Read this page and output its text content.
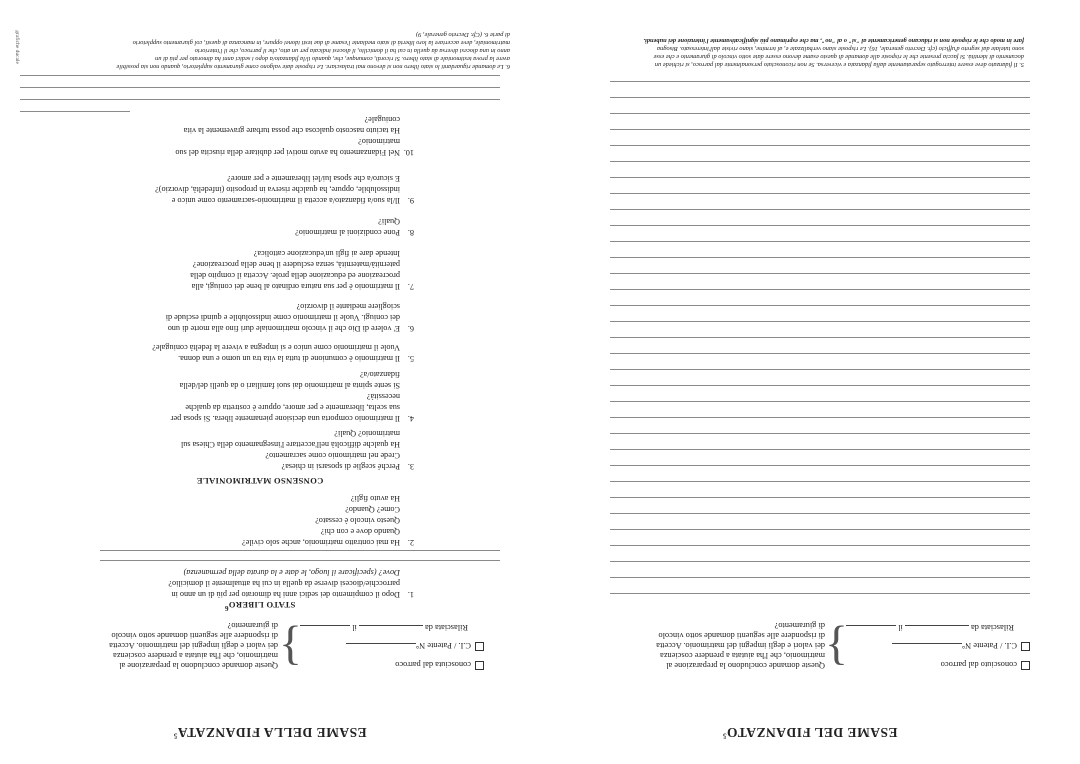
ESAME DEL FIDANZATO$^5$
conosciuto dal parroco
C.I. / Patente N°
Rilasciata da  il
}
Queste domande concludono la preparazione al
matrimonio, che l'ha aiutata a prendere coscienza
dei valori e degli impegni del matrimonio. Accetta
di rispondere alle seguenti domande sotto vincolo
di giuramento?
5. Il fidanzato deve essere interrogato separatamente dalla fidanzata e viceversa. Se non riconosciuto personalmente dal parroco, si richiede un
documento di identità. Si faccia presente che le risposte alle domande di questo esame devono essere date sotto vincolo di giuramento e che esse
sono tutelate dal segreto d'ufficio (cfr. Decreto generale, 16). Le risposte siano verbalizzate e, al termine, siano riviste dall'interessato. Bisogna
fare in modo che le risposte non si riducano genericamente al "si" o al "no", ma che esprimano più significativamente l'intenzione dei nubendi.
ESAME DELLA FIDANZATA$^5$
conosciuta dal parroco
C.I. / Patente N°
Rilasciata da  il
}
Queste domande concludono la preparazione al
matrimonio, che l'ha aiutata a prendere coscienza
dei valori e degli impegni del matrimonio. Accetta
di rispondere alle seguenti domande sotto vincolo
di giuramento?
STATO LIBERO$^6$
1.
Dopo il compimento dei sedici anni ha dimorato per più di un anno in
parrocchie/diocesi diverse da quella in cui ha attualmente il domicilio?
Dove? (specificare il luogo, le date e la durata della permanenza)
2.
Ha mai contratto matrimonio, anche solo civile?
Quando dove e con chi?
Questo vincolo è cessato?
Come? Quando?
Ha avuto figli?
CONSENSO MATRIMONIALE
3.
Perché sceglie di sposarsi in chiesa?
Crede nel matrimonio come sacramento?
Ha qualche difficoltà nell'accettare l'insegnamento della Chiesa sul
matrimonio? Quali?
4.
Il matrimonio comporta una decisione pienamente libera. Si sposa per
sua scelta, liberamente e per amore, oppure è costretta da qualche
necessità?
Si sente spinta al matrimonio dai suoi familiari o da quelli del/della
fidanzato/a?
5.
Il matrimonio è comunione di tutta la vita tra un uomo e una donna.
Vuole il matrimonio come unico e si impegna a vivere la fedeltà coniugale?
6.
E' volere di Dio che il vincolo matrimoniale duri fino alla morte di uno
dei coniugi. Vuole il matrimonio come indissolubile e quindi esclude di
sciogliere mediante il divorzio?
7.
Il matrimonio è per sua natura ordinato al bene dei coniugi, alla
procreazione ed educazione della prole. Accetta il compito della
paternità/maternità, senza escludere il bene della procreazione?
Intende dare ai figli un'educazione cattolica?
8.
Pone condizioni al matrimonio?
Quali?
9.
Il/la suo/a fidanzato/a accetta il matrimonio-sacramento come unico e
indissolubile, oppure, ha qualche riserva in proposito (infedeltà, divorzio)?
E sicuro/a che sposa lui/lei liberamente e per amore?
10.
Nel Fidanzamento ha avuto motivi per dubitare della riuscita del suo
matrimonio?
Ha taciuto nascosto qualcosa che possa turbare gravemente la vita
coniugale?
6. Le domande riguardanti lo stato libero non si devono mai tralasciare. Le risposte date valgono come giuramento suppletorio, quando non sia possibile
avere la prova testimoniale di stato libero. Si ricordi, comunque, che, quando il/la fidanzato/a dopo i sedici anni ha dimorato per più di un
anno in una diocesi diversa da quella in cui ha il domicilio, il diocesi indicata per un atto, che il parroco, che il l'interiorio
matrimoniale, deve accertare la loro libertà di stato mediante l'esame di due testi idonei oppure, in mancanza di questi, col giuramento suppletorio
di parte 6. (Cfr. Decreto generale, 9)
grafiche ducale
